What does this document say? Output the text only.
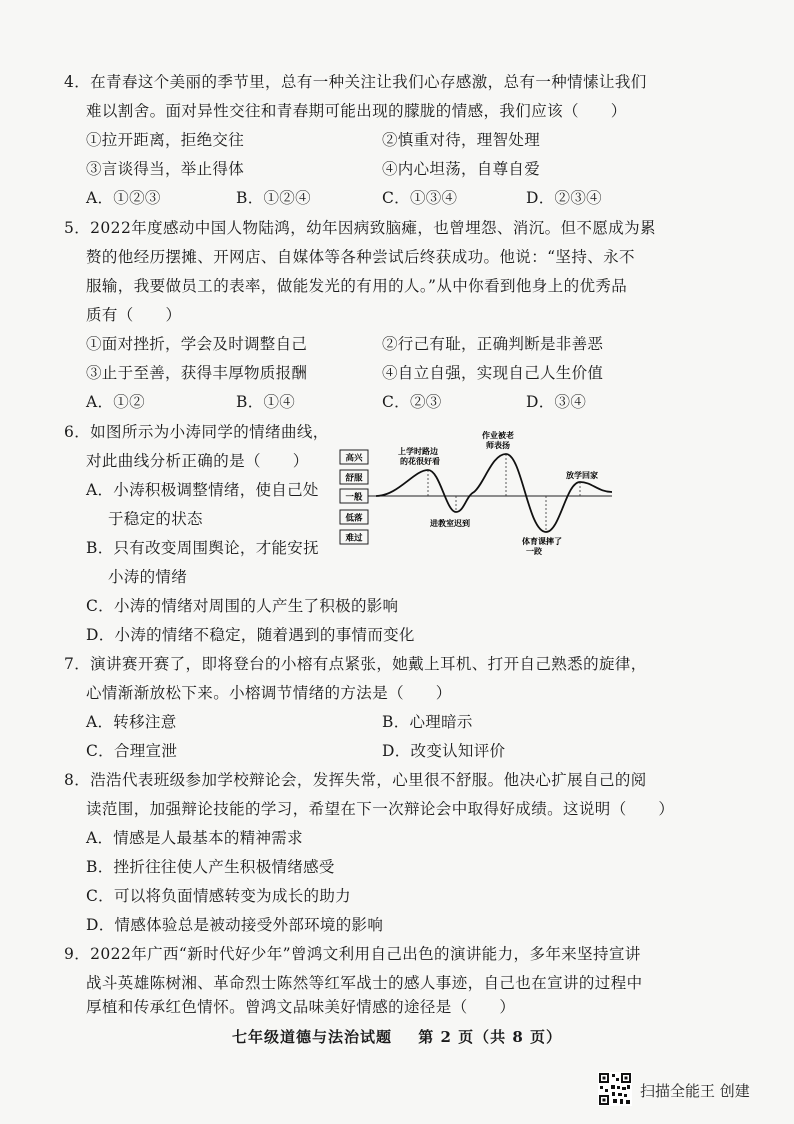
4．在青春这个美丽的季节里，总有一种关注让我们心存感激，总有一种情愫让我们
难以割舍。面对异性交往和青春期可能出现的朦胧的情感，我们应该（　　）
①拉开距离，拒绝交往	②慎重对待，理智处理
③言谈得当，举止得体	④内心坦荡，自尊自爱
A．①②③	B．①②④	C．①③④	D．②③④
5．2022年度感动中国人物陆鸿，幼年因病致脑瘫，也曾埋怨、消沉。但不愿成为累
赘的他经历摆摊、开网店、自媒体等各种尝试后终获成功。他说：“坚持、永不
服输，我要做员工的表率，做能发光的有用的人。”从中你看到他身上的优秀品
质有（　　）
①面对挫折，学会及时调整自己	②行己有耻，正确判断是非善恶
③止于至善，获得丰厚物质报酬	④自立自强，实现自己人生价值
A．①②	B．①④	C．②③	D．③④
6．如图所示为小涛同学的情绪曲线，
对此曲线分析正确的是（　　）
A．小涛积极调整情绪，使自己处
于稳定的状态
B．只有改变周围舆论，才能安抚
小涛的情绪
C．小涛的情绪对周围的人产生了积极的影响
D．小涛的情绪不稳定，随着遇到的事情而变化
高兴
舒服
一般
低落
难过
上学时路边
的花很好看
进教室迟到
作业被老
师表扬
体育课摔了
一跤
放学回家
7．演讲赛开赛了，即将登台的小榕有点紧张，她戴上耳机、打开自己熟悉的旋律，
心情渐渐放松下来。小榕调节情绪的方法是（　　）
A．转移注意	B．心理暗示
C．合理宣泄	D．改变认知评价
8．浩浩代表班级参加学校辩论会，发挥失常，心里很不舒服。他决心扩展自己的阅
读范围，加强辩论技能的学习，希望在下一次辩论会中取得好成绩。这说明（　　）
A．情感是人最基本的精神需求
B．挫折往往使人产生积极情绪感受
C．可以将负面情感转变为成长的助力
D．情感体验总是被动接受外部环境的影响
9．2022年广西“新时代好少年”曾鸿文利用自己出色的演讲能力，多年来坚持宣讲
战斗英雄陈树湘、革命烈士陈然等红军战士的感人事迹，自己也在宣讲的过程中
厚植和传承红色情怀。曾鸿文品味美好情感的途径是（　　）
七年级道德与法治试题 第 2 页（共 8 页）
扫描全能王 创建
